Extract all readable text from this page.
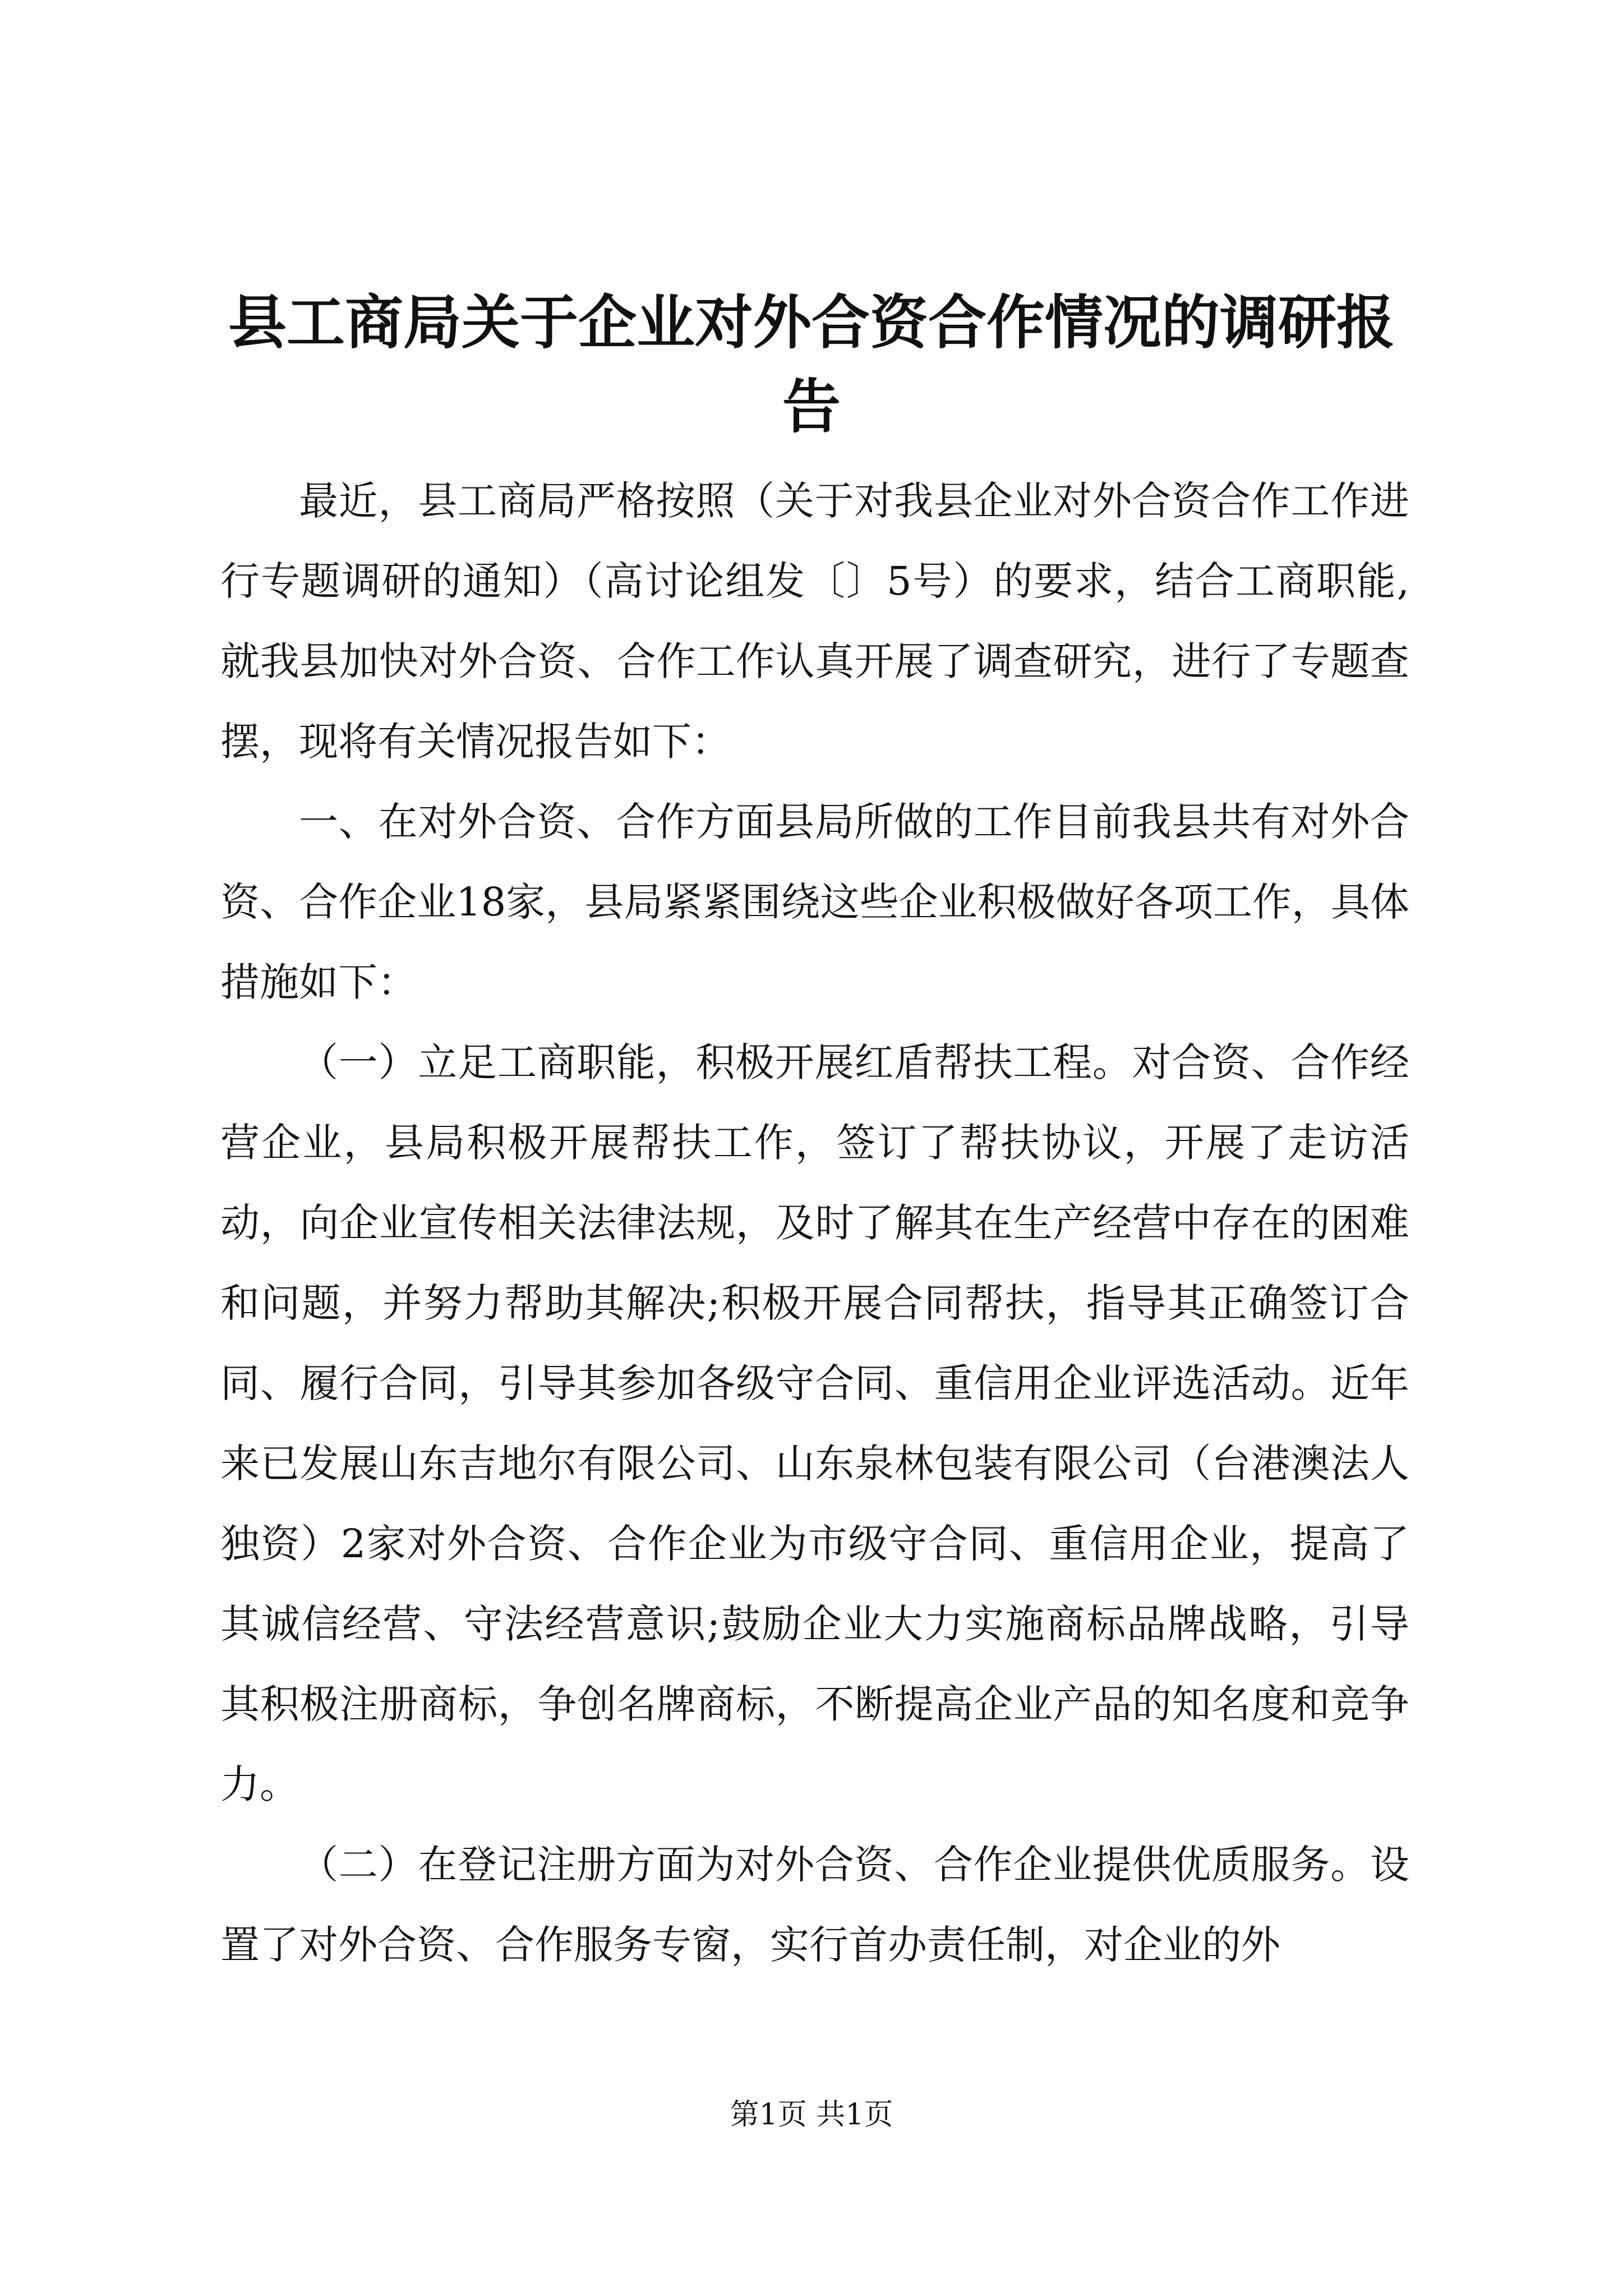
县工商局关于企业对外合资合作情况的调研报告

最近，县工商局严格按照（关于对我县企业对外合资合作工作进行专题调研的通知）（高讨论组发〔〕5号）的要求，结合工商职能,就我县加快对外合资、合作工作认真开展了调查研究，进行了专题查摆，现将有关情况报告如下：

一、在对外合资、合作方面县局所做的工作目前我县共有对外合资、合作企业18家，县局紧紧围绕这些企业积极做好各项工作，具体措施如下：

（一）立足工商职能，积极开展红盾帮扶工程。对合资、合作经营企业，县局积极开展帮扶工作，签订了帮扶协议，开展了走访活动，向企业宣传相关法律法规，及时了解其在生产经营中存在的困难和问题，并努力帮助其解决;积极开展合同帮扶，指导其正确签订合同、履行合同，引导其参加各级守合同、重信用企业评选活动。近年来已发展山东吉地尔有限公司、山东泉林包装有限公司（台港澳法人独资）2家对外合资、合作企业为市级守合同、重信用企业，提高了其诚信经营、守法经营意识;鼓励企业大力实施商标品牌战略，引导其积极注册商标，争创名牌商标，不断提高企业产品的知名度和竞争力。

（二）在登记注册方面为对外合资、合作企业提供优质服务。设置了对外合资、合作服务专窗，实行首办责任制，对企业的外

第1页 共1页
